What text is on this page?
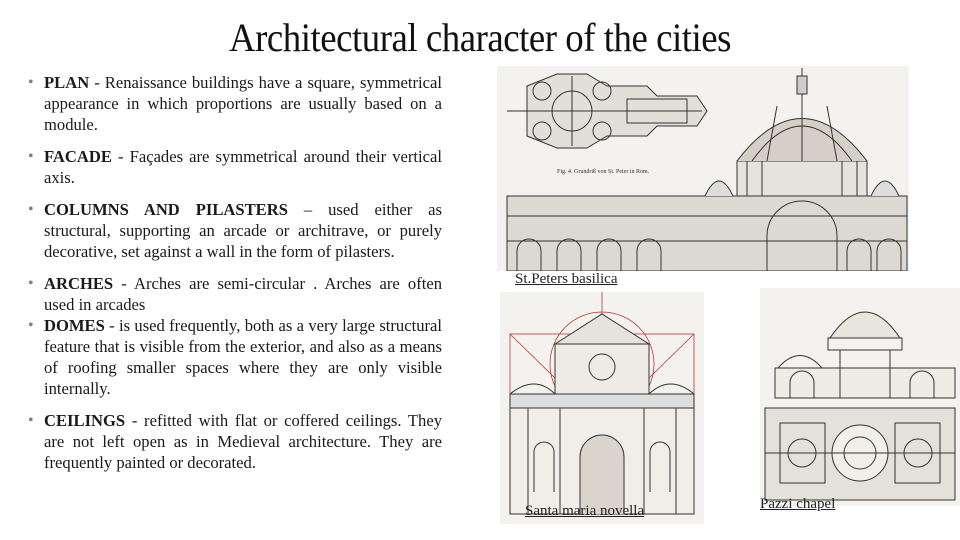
Architectural character of the cities
• PLAN - Renaissance buildings have a square, symmetrical appearance in which proportions are usually based on a module.
• FACADE - Façades are symmetrical around their vertical axis.
• COLUMNS AND PILASTERS – used either as structural, supporting an arcade or architrave, or purely decorative, set against a wall in the form of pilasters.
• ARCHES - Arches are semi-circular . Arches are often used in arcades
• DOMES - is used frequently, both as a very large structural feature that is visible from the exterior, and also as a means of roofing smaller spaces where they are only visible internally.
• CEILINGS - refitted with flat or coffered ceilings. They are not left open as in Medieval architecture. They are frequently painted or decorated.
Fig. 4. Grundriß von St. Peter in Rom.
St.Peters basilica
Santa maria novella	Pazzi chapel
